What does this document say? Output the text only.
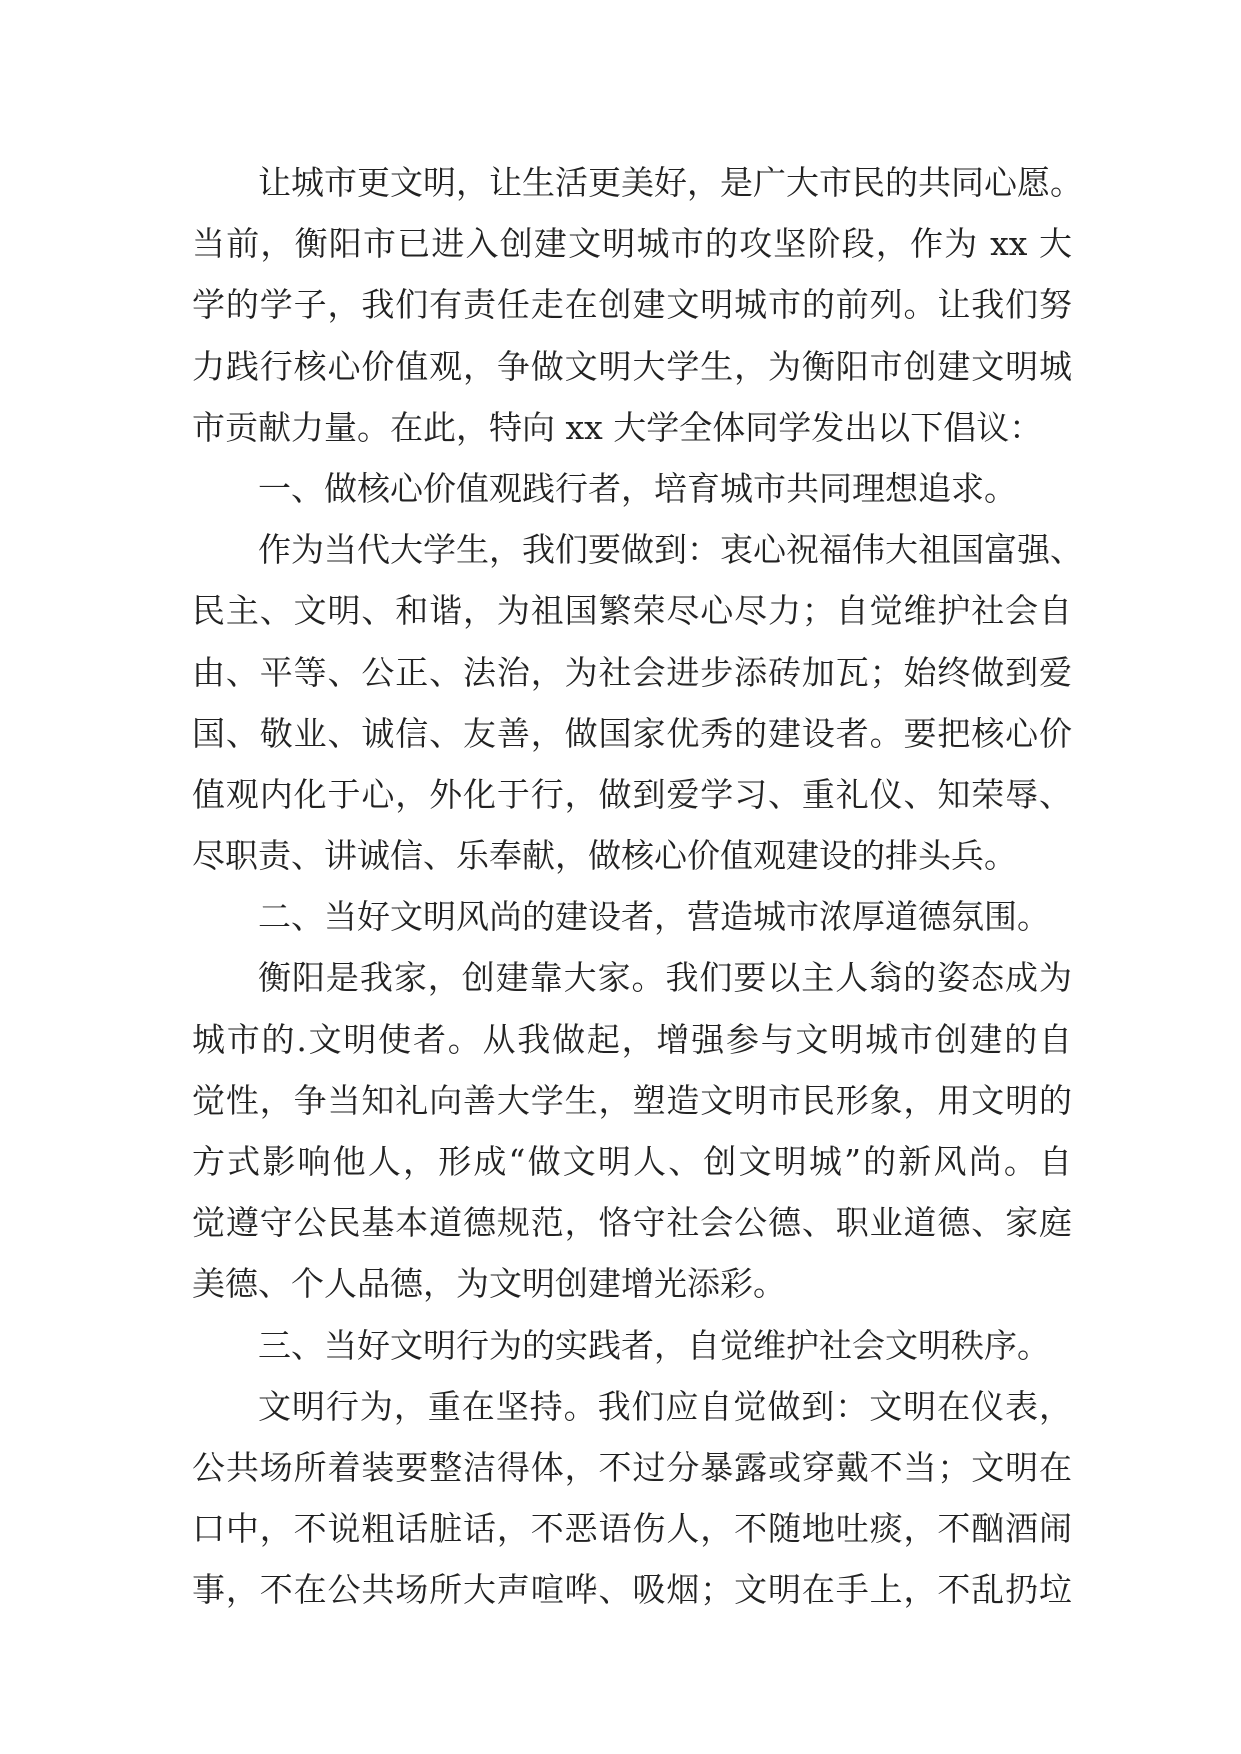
让城市更文明，让生活更美好，是广大市民的共同心愿。
当前，衡阳市已进入创建文明城市的攻坚阶段，作为 xx 大
学的学子，我们有责任走在创建文明城市的前列。让我们努
力践行核心价值观，争做文明大学生，为衡阳市创建文明城
市贡献力量。在此，特向 xx 大学全体同学发出以下倡议：
一、做核心价值观践行者，培育城市共同理想追求。
作为当代大学生，我们要做到：衷心祝福伟大祖国富强、
民主、文明、和谐，为祖国繁荣尽心尽力；自觉维护社会自
由、平等、公正、法治，为社会进步添砖加瓦；始终做到爱
国、敬业、诚信、友善，做国家优秀的建设者。要把核心价
值观内化于心，外化于行，做到爱学习、重礼仪、知荣辱、
尽职责、讲诚信、乐奉献，做核心价值观建设的排头兵。
二、当好文明风尚的建设者，营造城市浓厚道德氛围。
衡阳是我家，创建靠大家。我们要以主人翁的姿态成为
城市的.文明使者。从我做起，增强参与文明城市创建的自
觉性，争当知礼向善大学生，塑造文明市民形象，用文明的
方式影响他人，形成“做文明人、创文明城”的新风尚。自
觉遵守公民基本道德规范，恪守社会公德、职业道德、家庭
美德、个人品德，为文明创建增光添彩。
三、当好文明行为的实践者，自觉维护社会文明秩序。
文明行为，重在坚持。我们应自觉做到：文明在仪表，
公共场所着装要整洁得体，不过分暴露或穿戴不当；文明在
口中，不说粗话脏话，不恶语伤人，不随地吐痰，不酗酒闹
事，不在公共场所大声喧哗、吸烟；文明在手上，不乱扔垃
